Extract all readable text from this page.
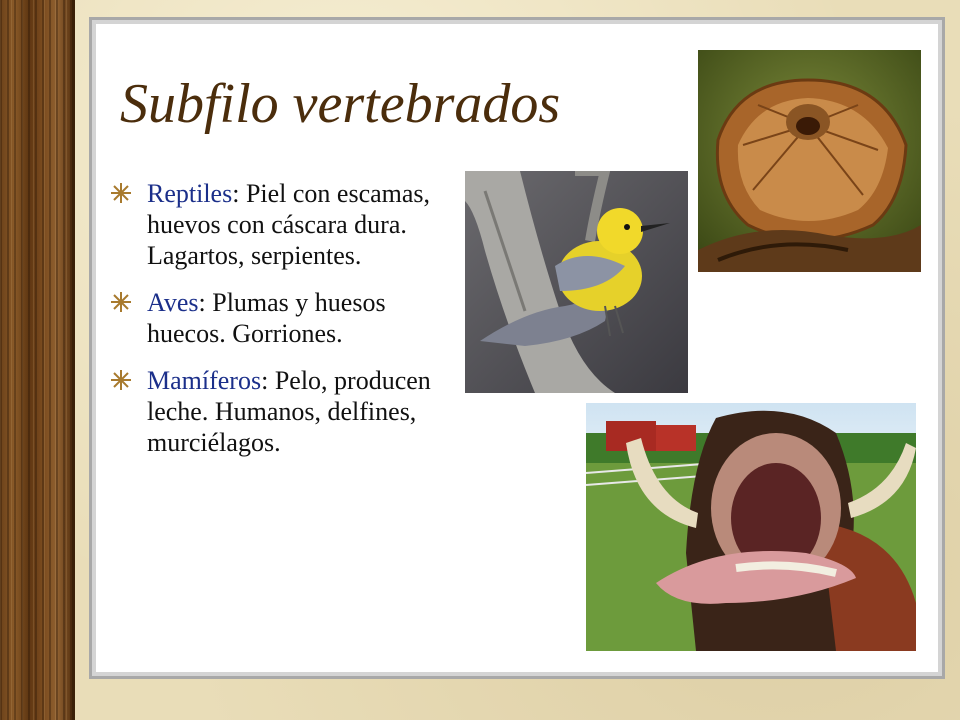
Subfilo vertebrados
Reptiles: Piel con escamas, huevos con cáscara dura. Lagartos, serpientes.
Aves: Plumas y huesos huecos. Gorriones.
Mamíferos: Pelo, producen leche. Humanos, delfines, murciélagos.
